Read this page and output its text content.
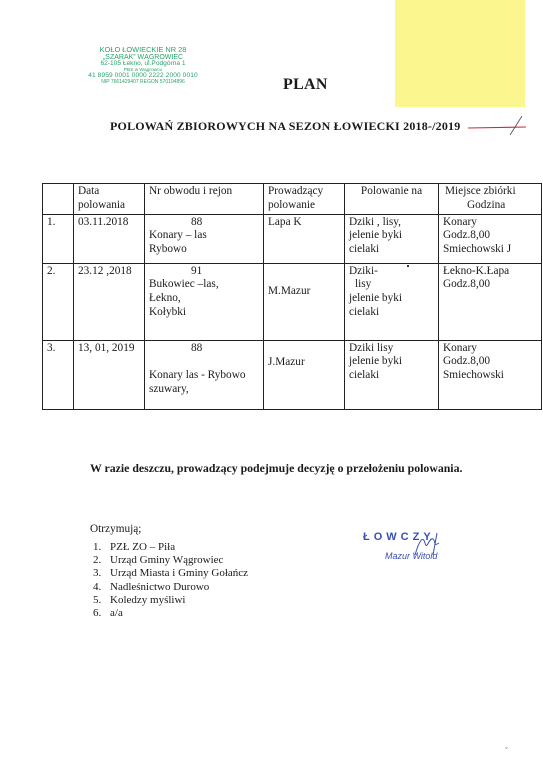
KOŁO ŁOWIECKIE NR 28
„SZARAK” WĄGROWIEC
62-105 Łekno, ul.Podgórna 1
PBS w Wągrowcu
41 8959 0001 0000 2222 2000 0010
NIP 7661429407 REGON 570104896	PLAN
POLOWAŃ ZBIOROWYCH NA SEZON ŁOWIECKI 2018-/2019
	Data
polowania	Nr obwodu i rejon	Prowadzący
polowanie	Polowanie na	Miejsce zbiórki
Godzina
1.	03.11.2018	88
Konary – las
Rybowo	Lapa K	Dziki , lisy,
jelenie byki
cielaki	Konary
Godz.8,00
Smiechowski J

2.	23.12 ,2018	91
Bukowiec –las,
Łekno,
Kołybki	M.Mazur	Dziki-
lisy
jelenie byki
cielaki	Łekno-K.Łapa
Godz.8,00

3.	13, 01, 2019	88
Konary las - Rybowo
szuwary,	J.Mazur	Dziki lisy
jelenie byki
cielaki	Konary
Godz.8,00
Smiechowski
W razie deszczu, prowadzący podejmuje decyzję o przełożeniu polowania.
Otrzymują;
1. PZŁ ZO – Piła
2. Urząd Gminy Wągrowiec
3. Urząd Miasta i Gminy Gołańcz
4. Nadleśnictwo Durowo
5. Koledzy myśliwi
6. a/a
ŁOWCZY
Mazur Witold
ˇ
